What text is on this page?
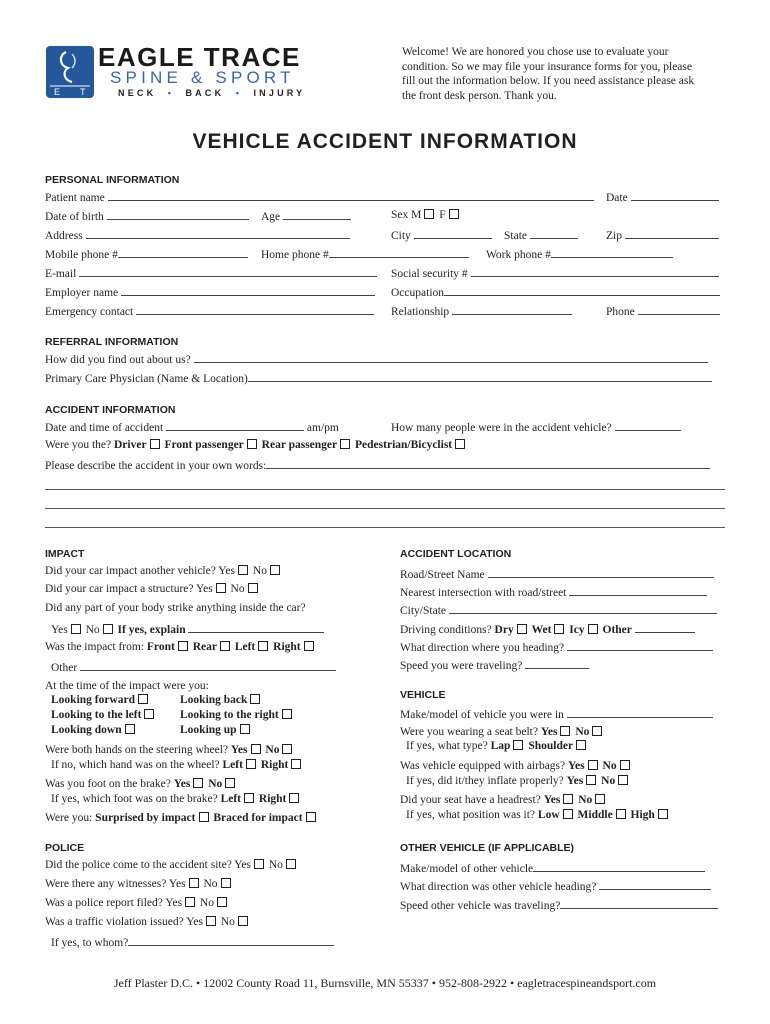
E T
EAGLE TRACE
SPINE & SPORT
NECK  •  BACK  •  INJURY
Welcome! We are honored you chose use to evaluate your condition. So we may file your insurance forms for you, please fill out the information below. If you need assistance please ask the front desk person. Thank you.
VEHICLE ACCIDENT INFORMATION
PERSONAL INFORMATION
Patient name	Date
Date of birth	Age	Sex M F
Address	City	State	Zip
Mobile phone #	Home phone #	Work phone #
E-mail	Social security #
Employer name	Occupation
Emergency contact	Relationship	Phone
REFERRAL INFORMATION
How did you find out about us?
Primary Care Physician (Name & Location)
ACCIDENT INFORMATION
Date and time of accident	am/pm	How many people were in the accident vehicle?
Were you the? Driver Front passenger Rear passenger Pedestrian/Bicyclist
Please describe the accident in your own words:
IMPACT
Did your car impact another vehicle? Yes No
Did your car impact a structure? Yes No
Did any part of your body strike anything inside the car?
Yes No If yes, explain
Was the impact from: Front Rear Left Right
Other
At the time of the impact were you:
Looking forward	Looking back
Looking to the left	Looking to the right
Looking down	Looking up
Were both hands on the steering wheel? Yes No
If no, which hand was on the wheel? Left Right
Was you foot on the brake? Yes No
If yes, which foot was on the brake? Left Right
Were you: Surprised by impact Braced for impact
POLICE
Did the police come to the accident site? Yes No
Were there any witnesses? Yes No
Was a police report filed? Yes No
Was a traffic violation issued? Yes No
If yes, to whom?
ACCIDENT LOCATION
Road/Street Name
Nearest intersection with road/street
City/State
Driving conditions? Dry Wet Icy Other
What direction where you heading?
Speed you were traveling?
VEHICLE
Make/model of vehicle you were in
Were you wearing a seat belt? Yes No
If yes, what type? Lap Shoulder
Was vehicle equipped with airbags? Yes No
If yes, did it/they inflate properly? Yes No
Did your seat have a headrest? Yes No
If yes, what position was it? Low Middle High
OTHER VEHICLE (IF APPLICABLE)
Make/model of other vehicle
What direction was other vehicle heading?
Speed other vehicle was traveling?
Jeff Plaster D.C. • 12002 County Road 11, Burnsville, MN 55337 • 952-808-2922 • eagletracespineandsport.com
